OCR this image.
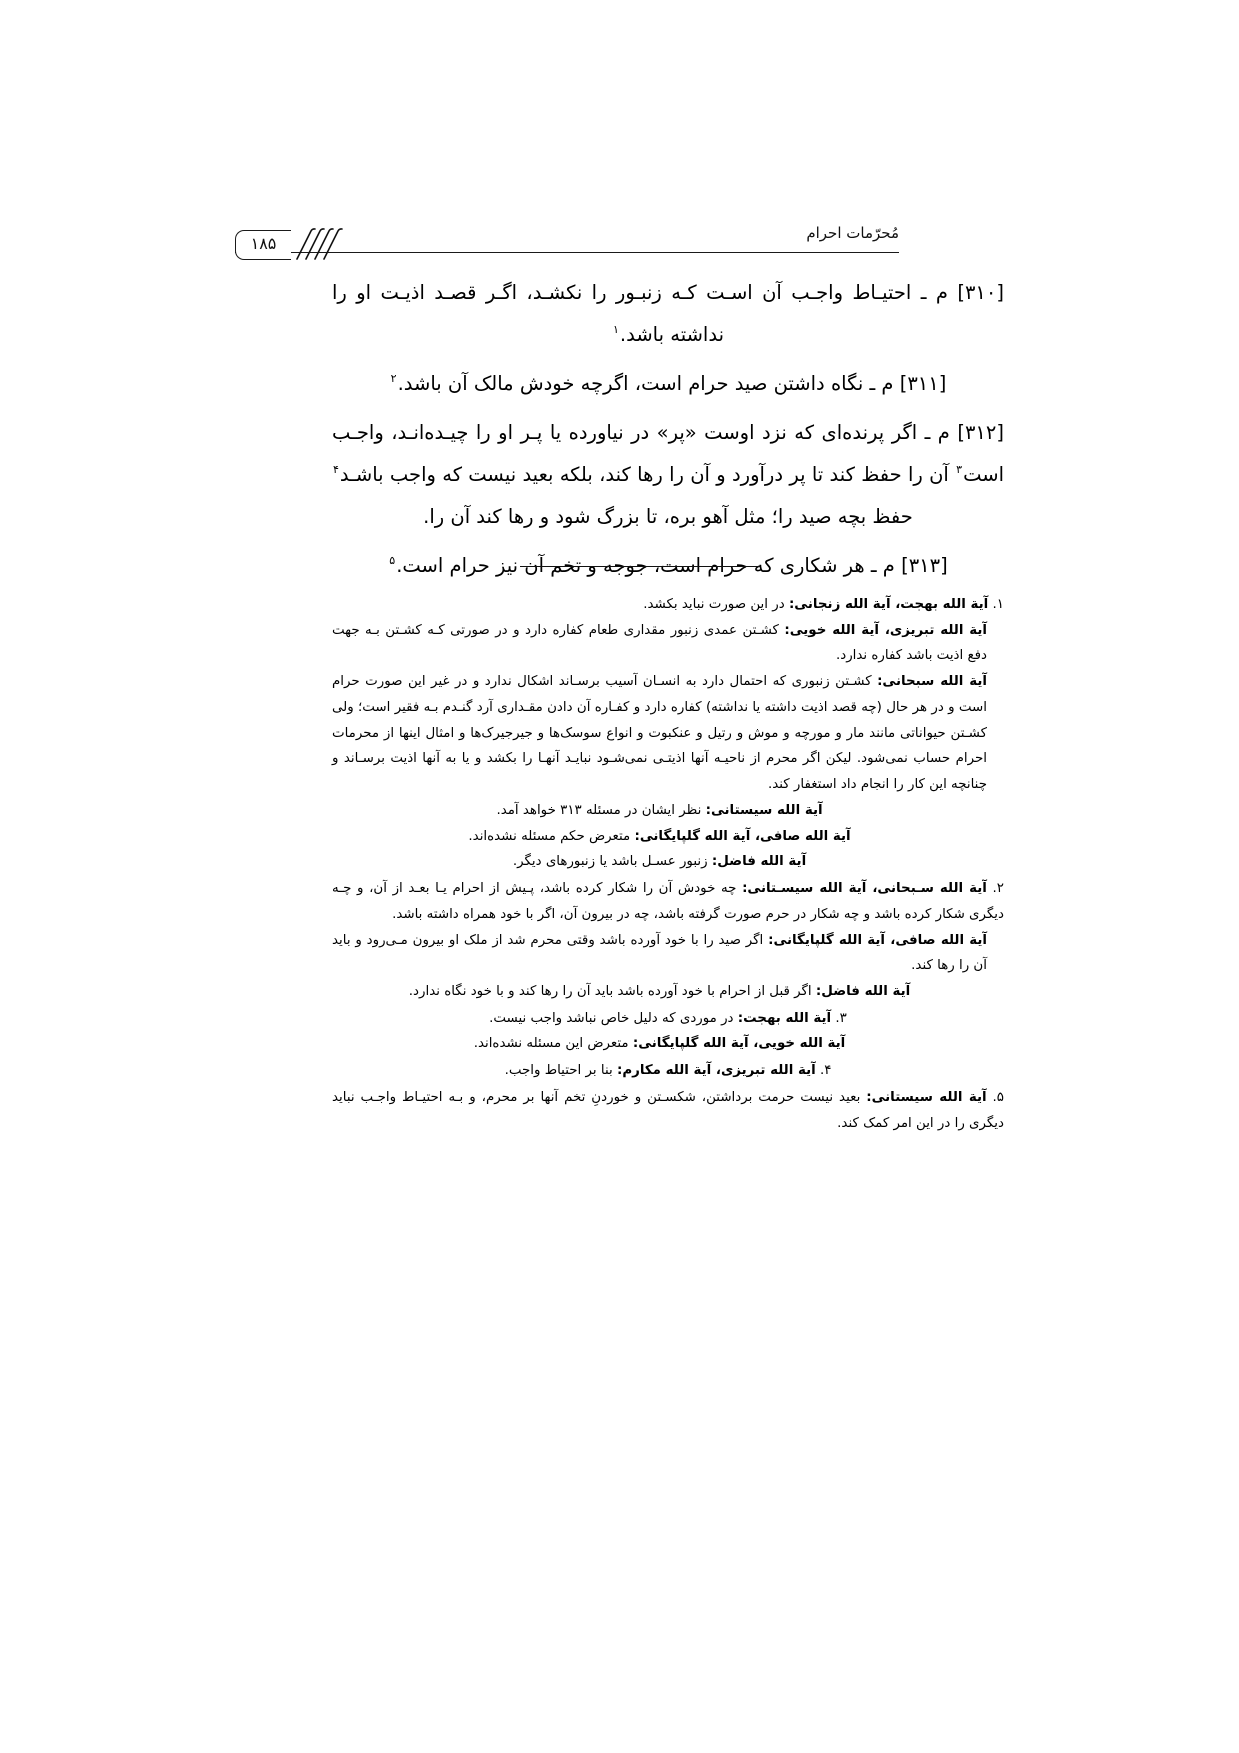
۱۸۵
مُحرّمات احرام

[۳۱۰] م ـ احتیـاط واجـب آن اسـت کـه زنبـور را نکشـد، اگـر قصـد اذیـت او را نداشته باشد.$^۱$

[۳۱۱] م ـ نگاه داشتن صید حرام است، اگرچه خودش مالک آن باشد.$^۲$

[۳۱۲] م ـ اگر پرنده‌ای که نزد اوست «پر» در نیاورده یا پـر او را چیـده‌انـد، واجـب است$^۳$ آن را حفظ کند تا پر درآورد و آن را رها کند، بلکه بعید نیست که واجب باشـد$^۴$ حفظ بچه صید را؛ مثل آهو بره، تا بزرگ شود و رها کند آن را.

[۳۱۳] م ـ هر شکاری که حرام است، جوجه و تخم آن نیز حرام است.$^۵$

۱. آیة الله بهجت، آیة الله زنجانی: در این صورت نباید بکشد.

آیة الله تبریزی، آیة الله خویی: کشـتن عمدی زنبور مقداری طعام کفاره دارد و در صورتی کـه کشـتن بـه جهت دفع اذیت باشد کفاره ندارد.

آیة الله سبحانی: کشـتن زنبوری که احتمال دارد به انسـان آسیب برسـاند اشکال ندارد و در غیر این صورت حرام است و در هر حال (چه قصد اذیت داشته یا نداشته) کفاره دارد و کفـاره آن دادن مقـداری آرد گنـدم بـه فقیر است؛ ولی کشـتن حیواناتی مانند مار و مورچه و موش و رتیل و عنکبوت و انواع سوسک‌ها و جیرجیرک‌ها و امثال اینها از محرمات احرام حساب نمی‌شود. لیکن اگر محرم از ناحیـه آنها اذیتـی نمی‌شـود نبایـد آنهـا را بکشد و یا به آنها اذیت برسـاند و چنانچه این کار را انجام داد استغفار کند.

آیة الله سیستانی: نظر ایشان در مسئله ۳۱۳ خواهد آمد.

آیة الله صافی، آیة الله گلپایگانی: متعرض حکم مسئله نشده‌اند.

آیة الله فاضل: زنبور عسـل باشد یا زنبورهای دیگر.

۲. آیة الله سـبحانی، آیة الله سیسـتانی: چه خودش آن را شکار کرده باشد، پـیش از احرام یـا بعـد از آن، و چـه دیگری شکار کرده باشد و چه شکار در حرم صورت گرفته باشد، چه در بیرون آن، اگر با خود همراه داشته باشد.

آیة الله صافی، آیة الله گلپایگانی: اگر صید را با خود آورده باشد وقتی محرم شد از ملک او بیرون مـی‌رود و باید آن را رها کند.

آیة الله فاضل: اگر قبل از احرام با خود آورده باشد باید آن را رها کند و با خود نگاه ندارد.

۳. آیة الله بهجت: در موردی که دلیل خاص نباشد واجب نیست.

آیة الله خویی، آیة الله گلپایگانی: متعرض این مسئله نشده‌اند.

۴. آیة الله تبریزی، آیة الله مکارم: بنا بر احتیاط واجب.

۵. آیة الله سیستانی: بعید نیست حرمت برداشتن، شکسـتن و خوردنِ تخم آنها بر محرم، و بـه احتیـاط واجـب نباید دیگری را در این امر کمک کند.
